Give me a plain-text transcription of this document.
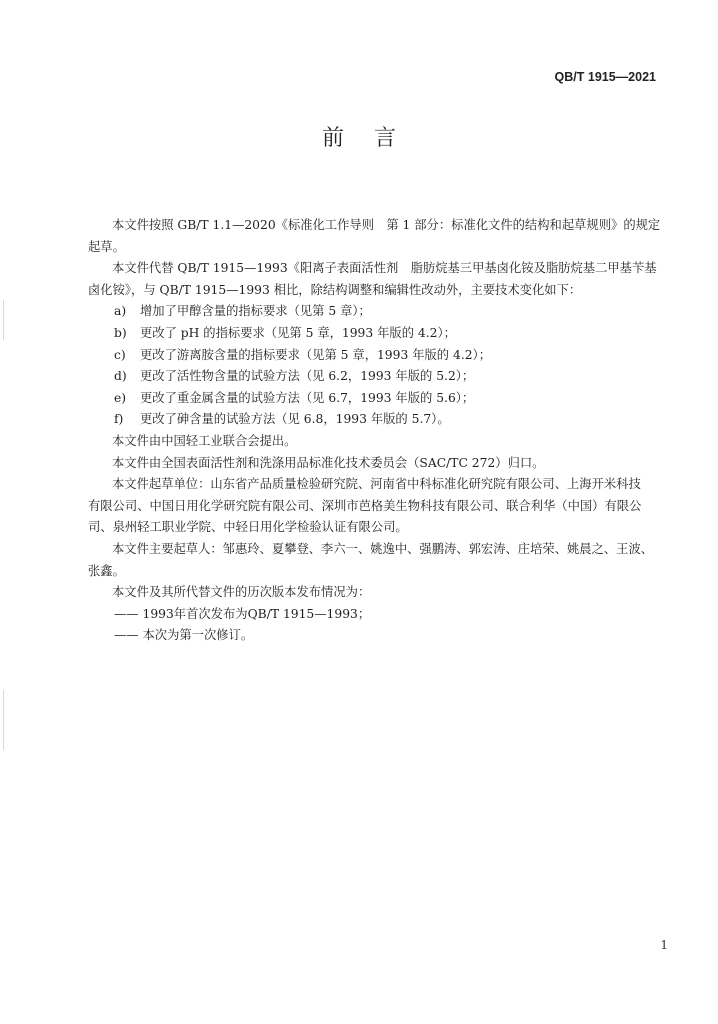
QB/T 1915—2021
前言

本文件按照 GB/T 1.1—2020《标准化工作导则　第 1 部分：标准化文件的结构和起草规则》的规定

起草。

本文件代替 QB/T 1915—1993《阳离子表面活性剂　脂肪烷基三甲基卤化铵及脂肪烷基二甲基苄基

卤化铵》，与 QB/T 1915—1993 相比，除结构调整和编辑性改动外，主要技术变化如下：

a)	增加了甲醇含量的指标要求（见第 5 章）；

b)	更改了 pH 的指标要求（见第 5 章，1993 年版的 4.2）；

c)	更改了游离胺含量的指标要求（见第 5 章，1993 年版的 4.2）；

d)	更改了活性物含量的试验方法（见 6.2，1993 年版的 5.2）；

e)	更改了重金属含量的试验方法（见 6.7，1993 年版的 5.6）；

f)	更改了砷含量的试验方法（见 6.8，1993 年版的 5.7）。

本文件由中国轻工业联合会提出。

本文件由全国表面活性剂和洗涤用品标准化技术委员会（SAC/TC 272）归口。

本文件起草单位：山东省产品质量检验研究院、河南省中科标准化研究院有限公司、上海开米科技

有限公司、中国日用化学研究院有限公司、深圳市芭格美生物科技有限公司、联合利华（中国）有限公

司、泉州轻工职业学院、中轻日用化学检验认证有限公司。

本文件主要起草人：邹惠玲、夏攀登、李六一、姚逸中、强鹏涛、郭宏涛、庄培荣、姚晨之、王波、

张鑫。

本文件及其所代替文件的历次版本发布情况为：

—— 1993年首次发布为QB/T 1915—1993；

—— 本次为第一次修订。

1
